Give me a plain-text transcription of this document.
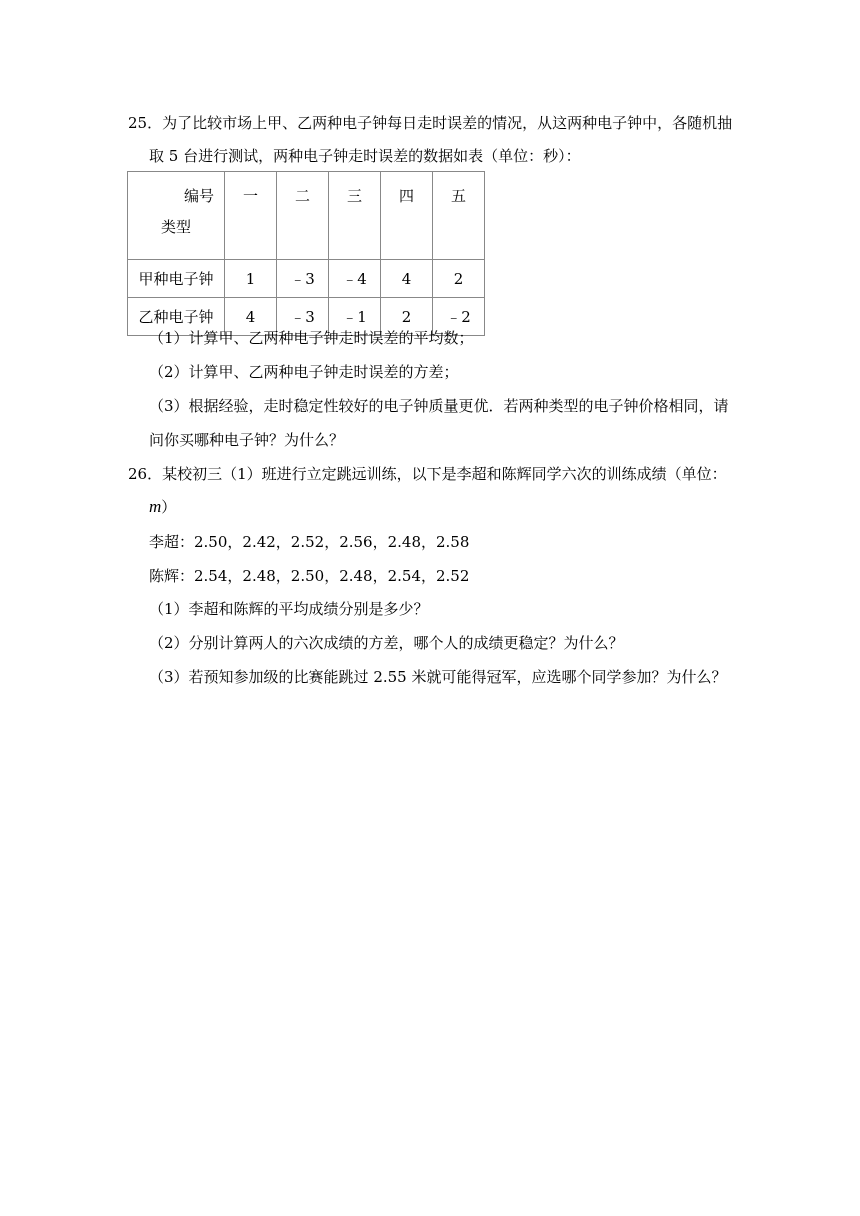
25．为了比较市场上甲、乙两种电子钟每日走时误差的情况，从这两种电子钟中，各随机抽
取 5 台进行测试，两种电子钟走时误差的数据如表（单位：秒）：
编号
类型	一	二	三	四	五
甲种电子钟	1	﹣3	﹣4	4	2
乙种电子钟	4	﹣3	﹣1	2	﹣2
（1）计算甲、乙两种电子钟走时误差的平均数；
（2）计算甲、乙两种电子钟走时误差的方差；
（3）根据经验，走时稳定性较好的电子钟质量更优．若两种类型的电子钟价格相同，请
问你买哪种电子钟？为什么？
26．某校初三（1）班进行立定跳远训练，以下是李超和陈辉同学六次的训练成绩（单位：
m）
李超：2.50，2.42，2.52，2.56，2.48，2.58
陈辉：2.54，2.48，2.50，2.48，2.54，2.52
（1）李超和陈辉的平均成绩分别是多少？
（2）分别计算两人的六次成绩的方差，哪个人的成绩更稳定？为什么？
（3）若预知参加级的比赛能跳过 2.55 米就可能得冠军，应选哪个同学参加？为什么？
